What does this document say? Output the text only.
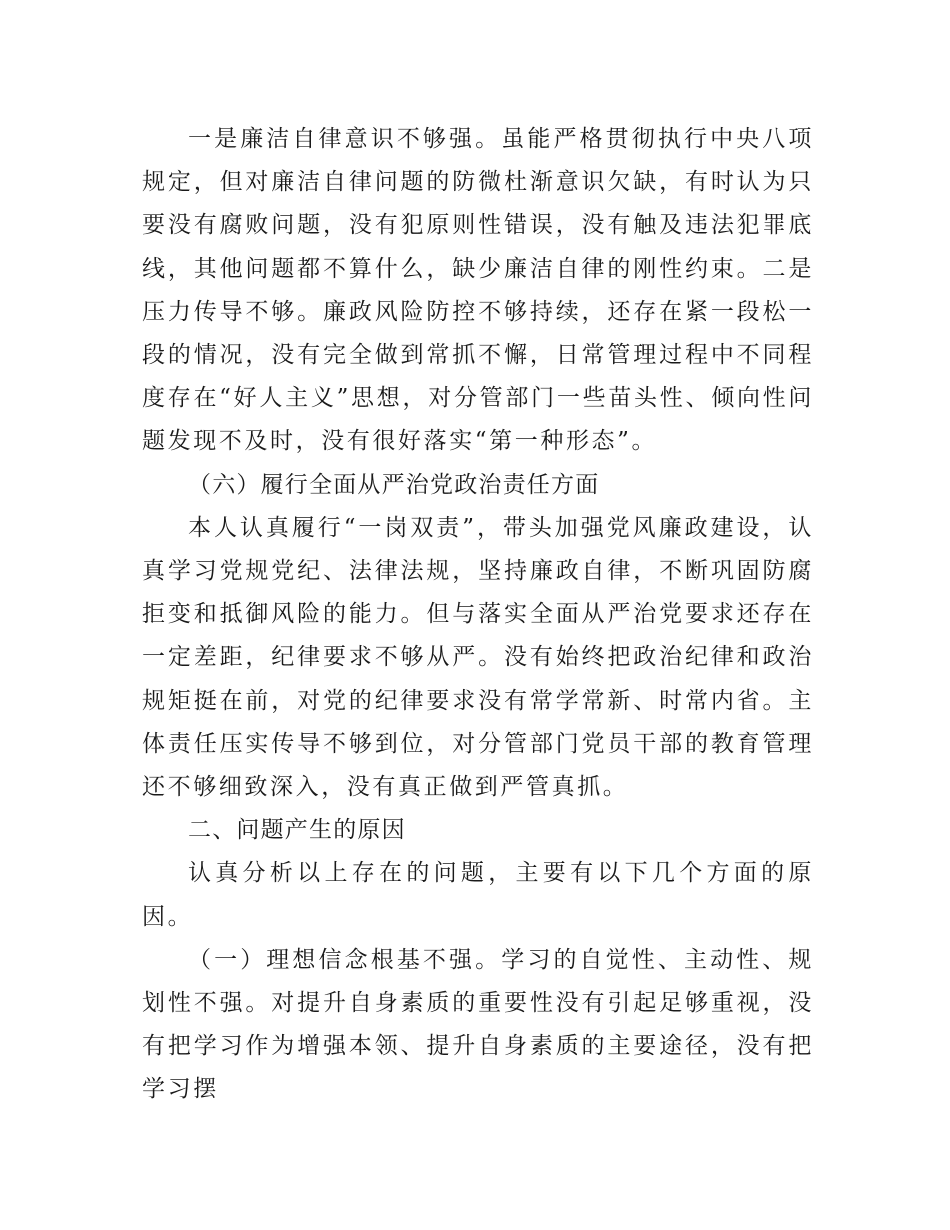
一是廉洁自律意识不够强。虽能严格贯彻执行中央八项规定，但对廉洁自律问题的防微杜渐意识欠缺，有时认为只要没有腐败问题，没有犯原则性错误，没有触及违法犯罪底线，其他问题都不算什么，缺少廉洁自律的刚性约束。二是压力传导不够。廉政风险防控不够持续，还存在紧一段松一段的情况，没有完全做到常抓不懈，日常管理过程中不同程度存在“好人主义”思想，对分管部门一些苗头性、倾向性问题发现不及时，没有很好落实“第一种形态”。

（六）履行全面从严治党政治责任方面

本人认真履行“一岗双责”，带头加强党风廉政建设，认真学习党规党纪、法律法规，坚持廉政自律，不断巩固防腐拒变和抵御风险的能力。但与落实全面从严治党要求还存在一定差距，纪律要求不够从严。没有始终把政治纪律和政治规矩挺在前，对党的纪律要求没有常学常新、时常内省。主体责任压实传导不够到位，对分管部门党员干部的教育管理还不够细致深入，没有真正做到严管真抓。

二、问题产生的原因

认真分析以上存在的问题，主要有以下几个方面的原因。

（一）理想信念根基不强。学习的自觉性、主动性、规划性不强。对提升自身素质的重要性没有引起足够重视，没有把学习作为增强本领、提升自身素质的主要途径，没有把学习摆
